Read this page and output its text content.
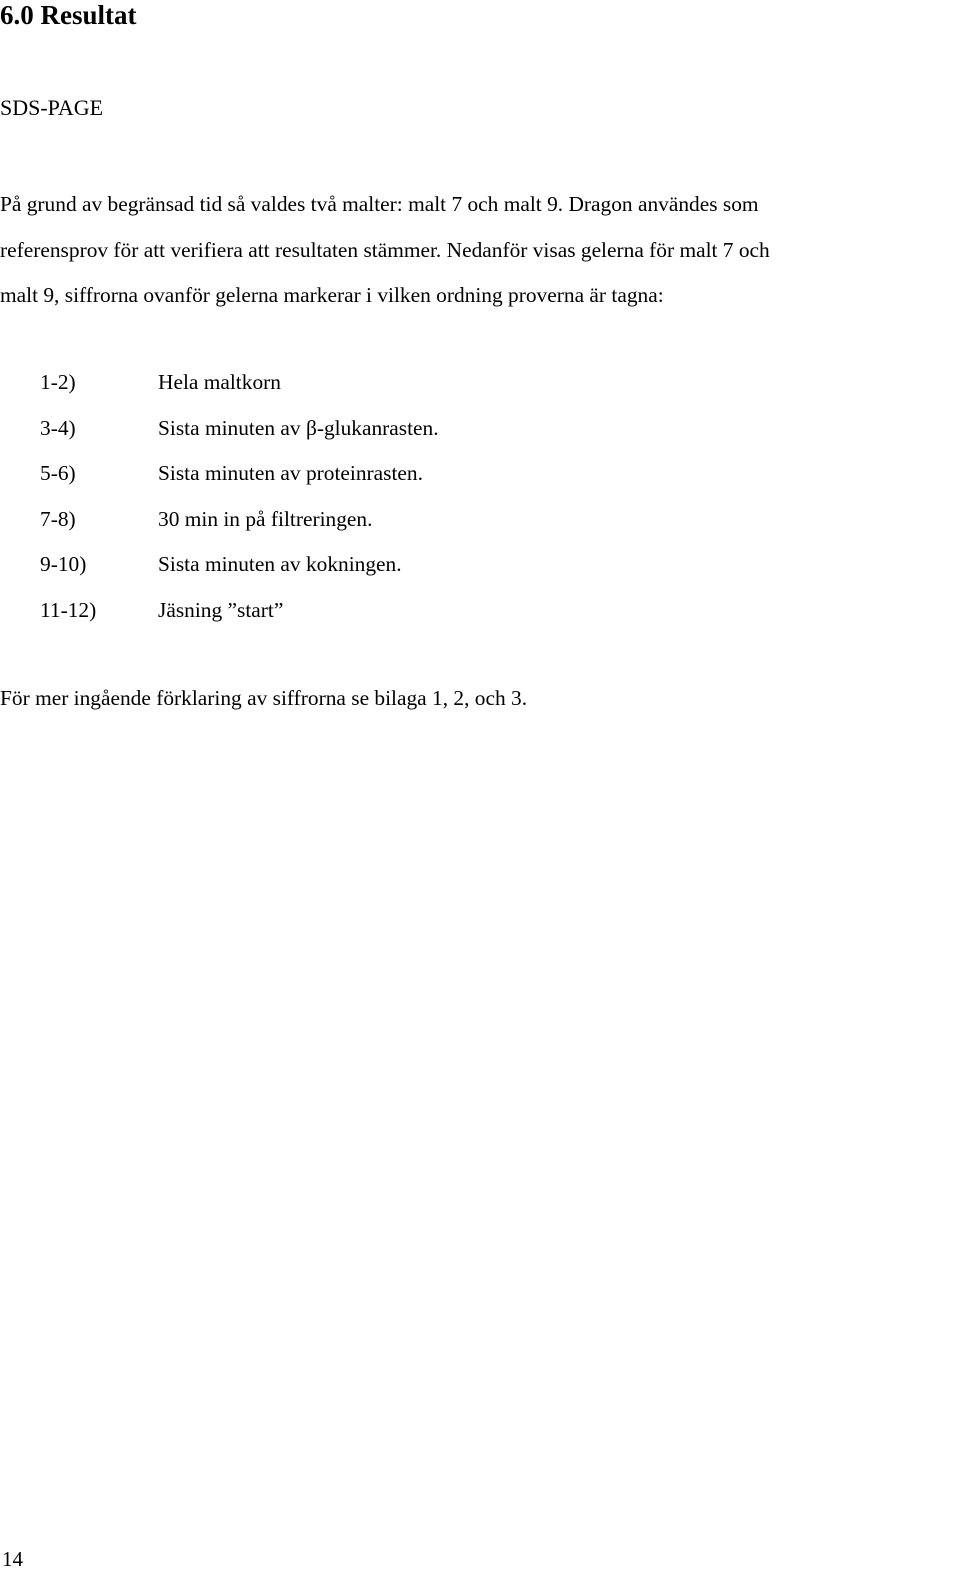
6.0 Resultat

SDS-PAGE

På grund av begränsad tid så valdes två malter: malt 7 och malt 9. Dragon användes som
referensprov för att verifiera att resultaten stämmer. Nedanför visas gelerna för malt 7 och
malt 9, siffrorna ovanför gelerna markerar i vilken ordning proverna är tagna:

1-2)	Hela maltkorn
3-4)	Sista minuten av β-glukanrasten.
5-6)	Sista minuten av proteinrasten.
7-8)	30 min in på filtreringen.
9-10)	Sista minuten av kokningen.
11-12)	Jäsning ”start”

För mer ingående förklaring av siffrorna se bilaga 1, 2, och 3.

14
